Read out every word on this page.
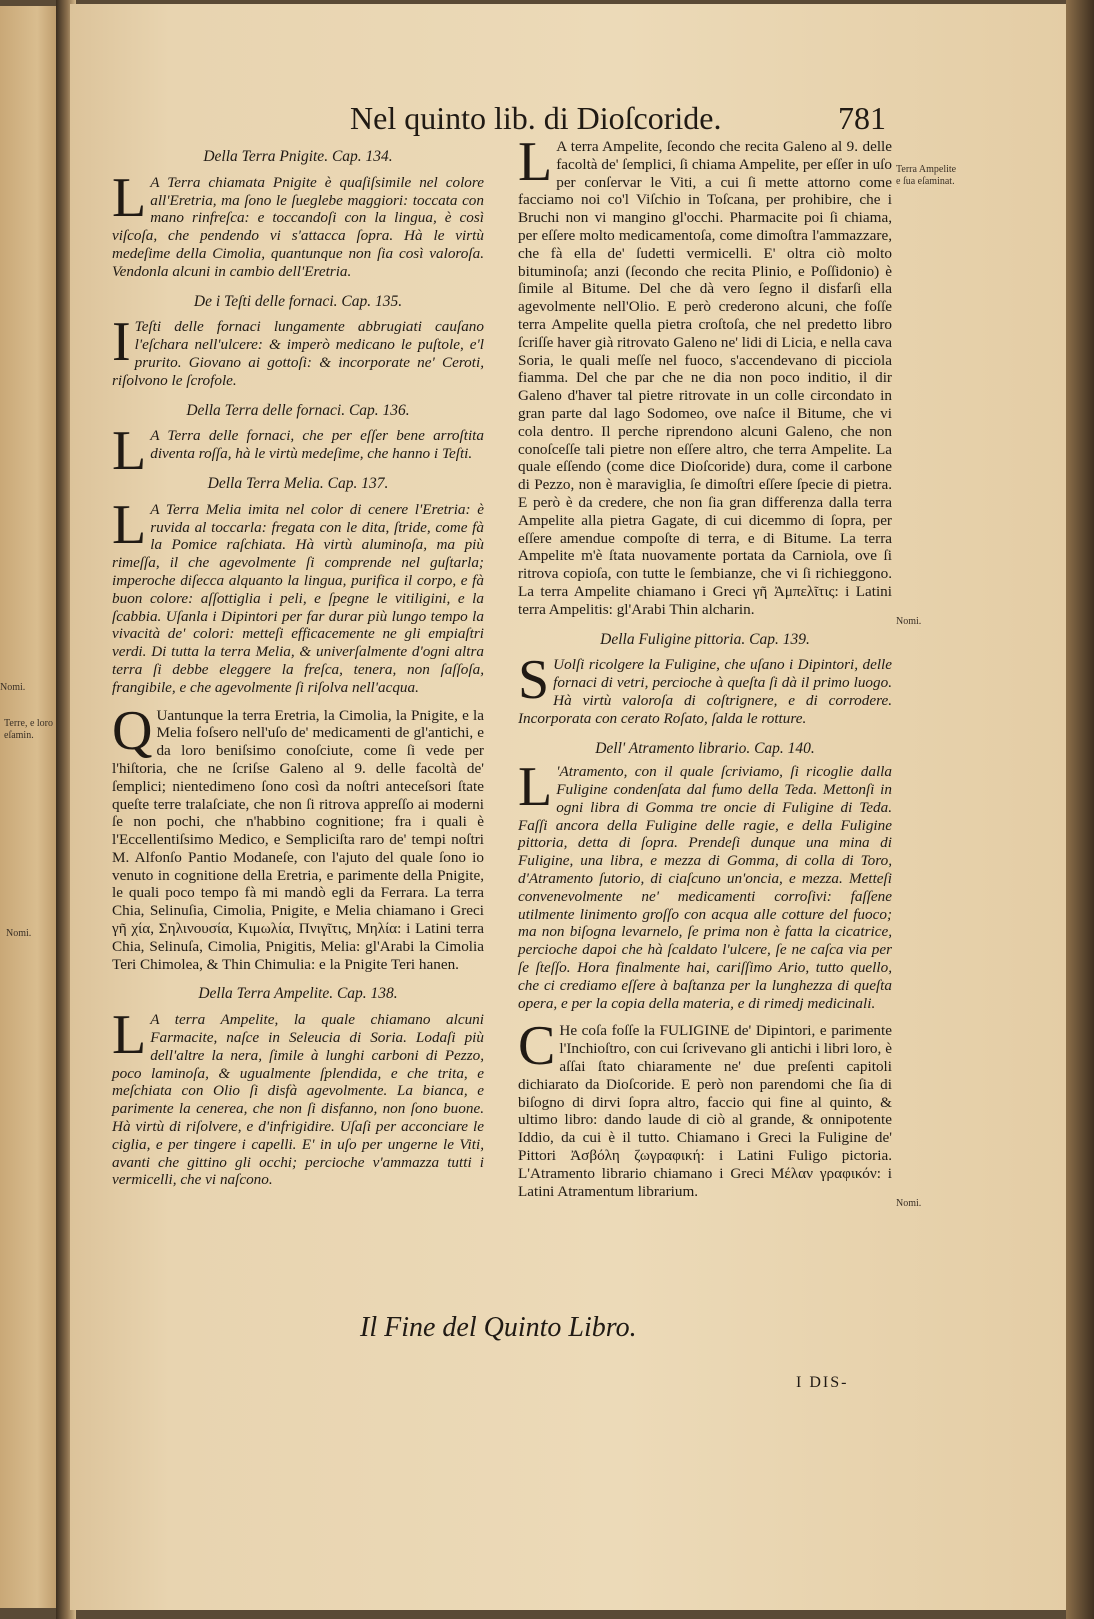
Nomi.
Terre, e loro eſamin.
Nomi.
Nel quinto lib. di Dioſcoride.	781

Della Terra Pnigite. Cap. 134.

L A Terra chiamata Pnigite è quaſiſsimile nel colore all'Eretria, ma ſono le ſueglebe maggiori: toccata con mano rinfreſca: e toccandoſi con la lingua, è così viſcoſa, che pendendo vi s'attacca ſopra. Hà le virtù medeſime della Cimolia, quantunque non ſia così valoroſa. Vendonla alcuni in cambio dell'Eretria.

De i Teſti delle fornaci. Cap. 135.

I Teſti delle fornaci lungamente abbrugiati cauſano l'eſchara nell'ulcere: & imperò medicano le puſtole, e'l prurito. Giovano ai gottoſi: & incorporate ne' Ceroti, riſolvono le ſcrofole.

Della Terra delle fornaci. Cap. 136.

L A Terra delle fornaci, che per eſſer bene arroſtita diventa roſſa, hà le virtù medeſime, che hanno i Teſti.

Della Terra Melia. Cap. 137.

L A Terra Melia imita nel color di cenere l'Eretria: è ruvida al toccarla: fregata con le dita, ſtride, come fà la Pomice raſchiata. Hà virtù aluminoſa, ma più rimeſſa, il che agevolmente ſi comprende nel guſtarla; imperoche diſecca alquanto la lingua, purifica il corpo, e fà buon colore: aſſottiglia i peli, e ſpegne le vitiligini, e la ſcabbia. Uſanla i Dipintori per far durar più lungo tempo la vivacità de' colori: metteſi efficacemente ne gli empiaſtri verdi. Di tutta la terra Melia, & univerſalmente d'ogni altra terra ſi debbe eleggere la freſca, tenera, non ſaſſoſa, frangibile, e che agevolmente ſi riſolva nell'acqua.

Q Uantunque la terra Eretria, la Cimolia, la Pnigite, e la Melia foſsero nell'uſo de' medicamenti de gl'antichi, e da loro beniſsimo conoſciute, come ſi vede per l'hiſtoria, che ne ſcriſse Galeno al 9. delle facoltà de' ſemplici; nientedimeno ſono così da noſtri anteceſsori ſtate queſte terre tralaſciate, che non ſi ritrova appreſſo ai moderni ſe non pochi, che n'habbino cognitione; fra i quali è l'Eccellentiſsimo Medico, e Sempliciſta raro de' tempi noſtri M. Alfonſo Pantio Modaneſe, con l'ajuto del quale ſono io venuto in cognitione della Eretria, e parimente della Pnigite, le quali poco tempo fà mi mandò egli da Ferrara. La terra Chia, Selinuſia, Cimolia, Pnigite, e Melia chiamano i Greci γῆ χία, Σηλινουσία, Κιμωλία, Πνιγῖτις, Μηλία: i Latini terra Chia, Selinuſa, Cimolia, Pnigitis, Melia: gl'Arabi la Cimolia Teri Chimolea, & Thin Chimulia: e la Pnigite Teri hanen.

Della Terra Ampelite. Cap. 138.

L A terra Ampelite, la quale chiamano alcuni Farmacite, naſce in Seleucia di Soria. Lodaſi più dell'altre la nera, ſimile à lunghi carboni di Pezzo, poco laminoſa, & ugualmente ſplendida, e che trita, e meſchiata con Olio ſi disfà agevolmente. La bianca, e parimente la cenerea, che non ſi disfanno, non ſono buone. Hà virtù di riſolvere, e d'infrigidire. Uſaſi per acconciare le ciglia, e per tingere i capelli. E' in uſo per ungerne le Viti, avanti che gittino gli occhi; percioche v'ammazza tutti i vermicelli, che vi naſcono.

L A terra Ampelite, ſecondo che recita Galeno al 9. delle facoltà de' ſemplici, ſi chiama Ampelite, per eſſer in uſo per conſervar le Viti, a cui ſi mette attorno come facciamo noi co'l Viſchio in Toſcana, per prohibire, che i Bruchi non vi mangino gl'occhi. Pharmacite poi ſi chiama, per eſſere molto medicamentoſa, come dimoſtra l'ammazzare, che fà ella de' ſudetti vermicelli. E' oltra ciò molto bituminoſa; anzi (ſecondo che recita Plinio, e Poſſidonio) è ſimile al Bitume. Del che dà vero ſegno il disfarſi ella agevolmente nell'Olio. E però crederono alcuni, che foſſe terra Ampelite quella pietra croſtoſa, che nel predetto libro ſcriſſe haver già ritrovato Galeno ne' lidi di Licia, e nella cava Soria, le quali meſſe nel fuoco, s'accendevano di picciola fiamma. Del che par che ne dia non poco inditio, il dir Galeno d'haver tal pietre ritrovate in un colle circondato in gran parte dal lago Sodomeo, ove naſce il Bitume, che vi cola dentro. Il perche riprendono alcuni Galeno, che non conoſceſſe tali pietre non eſſere altro, che terra Ampelite. La quale eſſendo (come dice Dioſcoride) dura, come il carbone di Pezzo, non è maraviglia, ſe dimoſtri eſſere ſpecie di pietra. E però è da credere, che non ſia gran differenza dalla terra Ampelite alla pietra Gagate, di cui dicemmo di ſopra, per eſſere amendue compoſte di terra, e di Bitume. La terra Ampelite m'è ſtata nuovamente portata da Carniola, ove ſi ritrova copioſa, con tutte le ſembianze, che vi ſi richieggono. La terra Ampelite chiamano i Greci γῆ Ἀμπελῖτις: i Latini terra Ampelitis: gl'Arabi Thin alcharin.

Della Fuligine pittoria. Cap. 139.

S Uolſi ricolgere la Fuligine, che uſano i Dipintori, delle fornaci di vetri, percioche à queſta ſi dà il primo luogo. Hà virtù valoroſa di coſtrignere, e di corrodere. Incorporata con cerato Roſato, ſalda le rotture.

Dell' Atramento librario. Cap. 140.

L 'Atramento, con il quale ſcriviamo, ſi ricoglie dalla Fuligine condenſata dal fumo della Teda. Mettonſi in ogni libra di Gomma tre oncie di Fuligine di Teda. Faſſi ancora della Fuligine delle ragie, e della Fuligine pittoria, detta di ſopra. Prendeſi dunque una mina di Fuligine, una libra, e mezza di Gomma, di colla di Toro, d'Atramento ſutorio, di ciaſcuno un'oncia, e mezza. Metteſi convenevolmente ne' medicamenti corroſivi: faſſene utilmente linimento groſſo con acqua alle cotture del fuoco; ma non biſogna levarnelo, ſe prima non è fatta la cicatrice, percioche dapoi che hà ſcaldato l'ulcere, ſe ne caſca via per ſe ſteſſo. Hora finalmente hai, cariſſimo Ario, tutto quello, che ci crediamo eſſere à baſtanza per la lunghezza di queſta opera, e per la copia della materia, e di rimedj medicinali.

C He coſa foſſe la FULIGINE de' Dipintori, e parimente l'Inchioſtro, con cui ſcrivevano gli antichi i libri loro, è aſſai ſtato chiaramente ne' due preſenti capitoli dichiarato da Dioſcoride. E però non parendomi che ſia di biſogno di dirvi ſopra altro, faccio qui fine al quinto, & ultimo libro: dando laude di ciò al grande, & onnipotente Iddio, da cui è il tutto. Chiamano i Greci la Fuligine de' Pittori Ἀσβόλη ζωγραφική: i Latini Fuligo pictoria. L'Atramento librario chiamano i Greci Μέλαν γραφικόν: i Latini Atramentum librarium.

Terra Ampelite e ſua eſaminat.
Nomi.
Nomi.
Il Fine del Quinto Libro.
I DIS-
